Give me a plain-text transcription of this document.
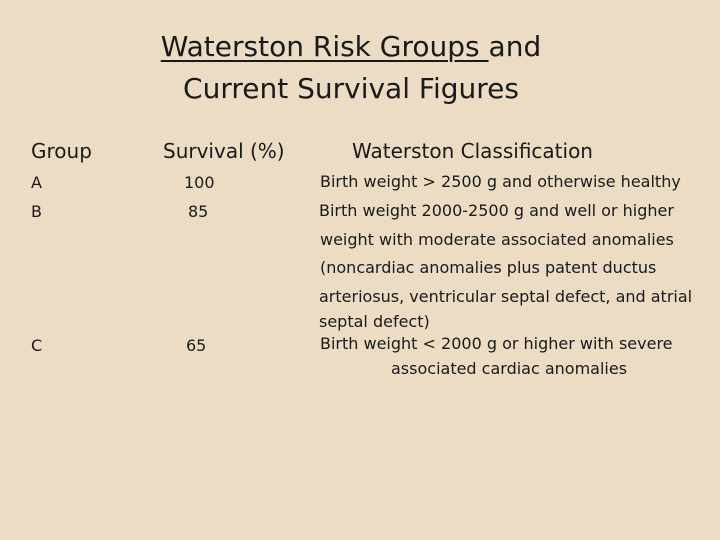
Waterston Risk Groups and
Current Survival Figures
Group	Survival (%)	Waterston Classification
A	100	Birth weight > 2500 g and otherwise healthy
B	85	Birth weight 2000-2500 g and well or higher
weight with moderate associated anomalies
(noncardiac anomalies plus patent ductus
arteriosus, ventricular septal defect, and atrial
septal defect)
C	65	Birth weight < 2000 g or higher with severe
associated cardiac anomalies
